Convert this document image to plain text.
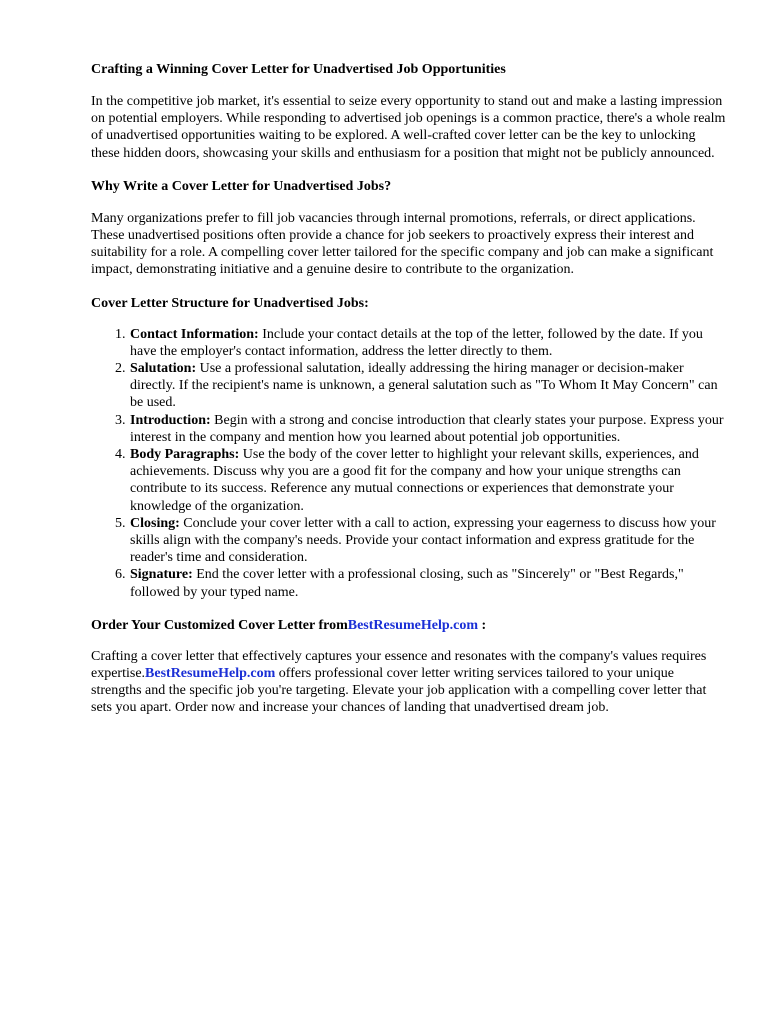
Crafting a Winning Cover Letter for Unadvertised Job Opportunities

In the competitive job market, it's essential to seize every opportunity to stand out and make a lasting impression on potential employers. While responding to advertised job openings is a common practice, there's a whole realm of unadvertised opportunities waiting to be explored. A well-crafted cover letter can be the key to unlocking these hidden doors, showcasing your skills and enthusiasm for a position that might not be publicly announced.

Why Write a Cover Letter for Unadvertised Jobs?

Many organizations prefer to fill job vacancies through internal promotions, referrals, or direct applications. These unadvertised positions often provide a chance for job seekers to proactively express their interest and suitability for a role. A compelling cover letter tailored for the specific company and job can make a significant impact, demonstrating initiative and a genuine desire to contribute to the organization.

Cover Letter Structure for Unadvertised Jobs:
1. Contact Information: Include your contact details at the top of the letter, followed by the date. If you have the employer's contact information, address the letter directly to them.
2. Salutation: Use a professional salutation, ideally addressing the hiring manager or decision-maker directly. If the recipient's name is unknown, a general salutation such as "To Whom It May Concern" can be used.
3. Introduction: Begin with a strong and concise introduction that clearly states your purpose. Express your interest in the company and mention how you learned about potential job opportunities.
4. Body Paragraphs: Use the body of the cover letter to highlight your relevant skills, experiences, and achievements. Discuss why you are a good fit for the company and how your unique strengths can contribute to its success. Reference any mutual connections or experiences that demonstrate your knowledge of the organization.
5. Closing: Conclude your cover letter with a call to action, expressing your eagerness to discuss how your skills align with the company's needs. Provide your contact information and express gratitude for the reader's time and consideration.
6. Signature: End the cover letter with a professional closing, such as "Sincerely" or "Best Regards," followed by your typed name.
Order Your Customized Cover Letter fromBestResumeHelp.com :

Crafting a cover letter that effectively captures your essence and resonates with the company's values requires expertise.BestResumeHelp.com offers professional cover letter writing services tailored to your unique strengths and the specific job you're targeting. Elevate your job application with a compelling cover letter that sets you apart. Order now and increase your chances of landing that unadvertised dream job.
